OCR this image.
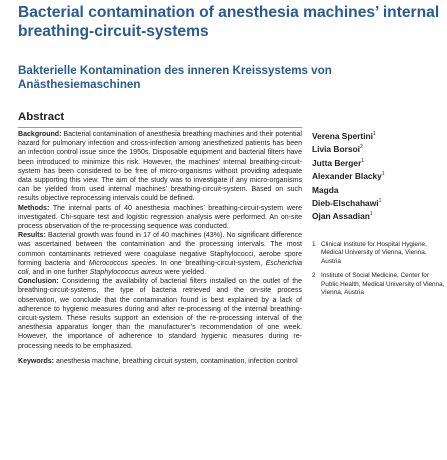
Bacterial contamination of anesthesia machines’ internal breathing-circuit-systems
Bakterielle Kontamination des inneren Kreissystems von Anästhesiemaschinen
Abstract

Background: Bacterial contamination of anesthesia breathing machines and their potential hazard for pulmonary infection and cross-infection among anesthetized patients has been an infection control issue since the 1950s. Disposable equipment and bacterial filters have been introduced to minimize this risk. However, the machines’ internal breathing-circuit-system has been considered to be free of micro-organisms without providing adequate data supporting this view. The aim of the study was to investigate if any micro-organisms can be yielded from used internal machines’ breathing-circuit-system. Based on such results objective reprocessing intervals could be defined.

Methods: The internal parts of 40 anesthesia machines’ breathing-circuit-system were investigated. Chi-square test and logistic regression analysis were performed. An on-site process observation of the re-processing sequence was conducted.

Results: Bacterial growth was found in 17 of 40 machines (43%). No significant difference was ascertained between the contamination and the processing intervals. The most common contaminants retrieved were coagulase negative Staphylococci, aerobe spore forming bacteria and Micrococcus species. In one breathing-circuit-system, Escherichia coli, and in one further Staphylococcus aureus were yielded.

Conclusion: Considering the availability of bacterial filters installed on the outlet of the breathing-circuit-systems, the type of bacteria retrieved and the on-site process observation, we conclude that the contamination found is best explained by a lack of adherence to hygienic measures during and after re-processing of the internal breathing-circuit-system. These results support an extension of the re-processing interval of the anesthesia apparatus longer than the manufacturer’s recommendation of one week. However, the importance of adherence to standard hygienic measures during re-processing needs to be emphasized.

Keywords: anesthesia machine, breathing circuit system, contamination, infection control

Verena Spertini$^1$
Livia Borsoi$^2$
Jutta Berger$^1$
Alexander Blacky$^1$
Magda
Dieb-Elschahawi$^1$
Ojan Assadian$^1$
1 Clinical Institute for Hospital Hygiene, Medical University of Vienna, Vienna, Austria
2 Institute of Social Medicine, Center for Public Health, Medical University of Vienna, Vienna, Austria
